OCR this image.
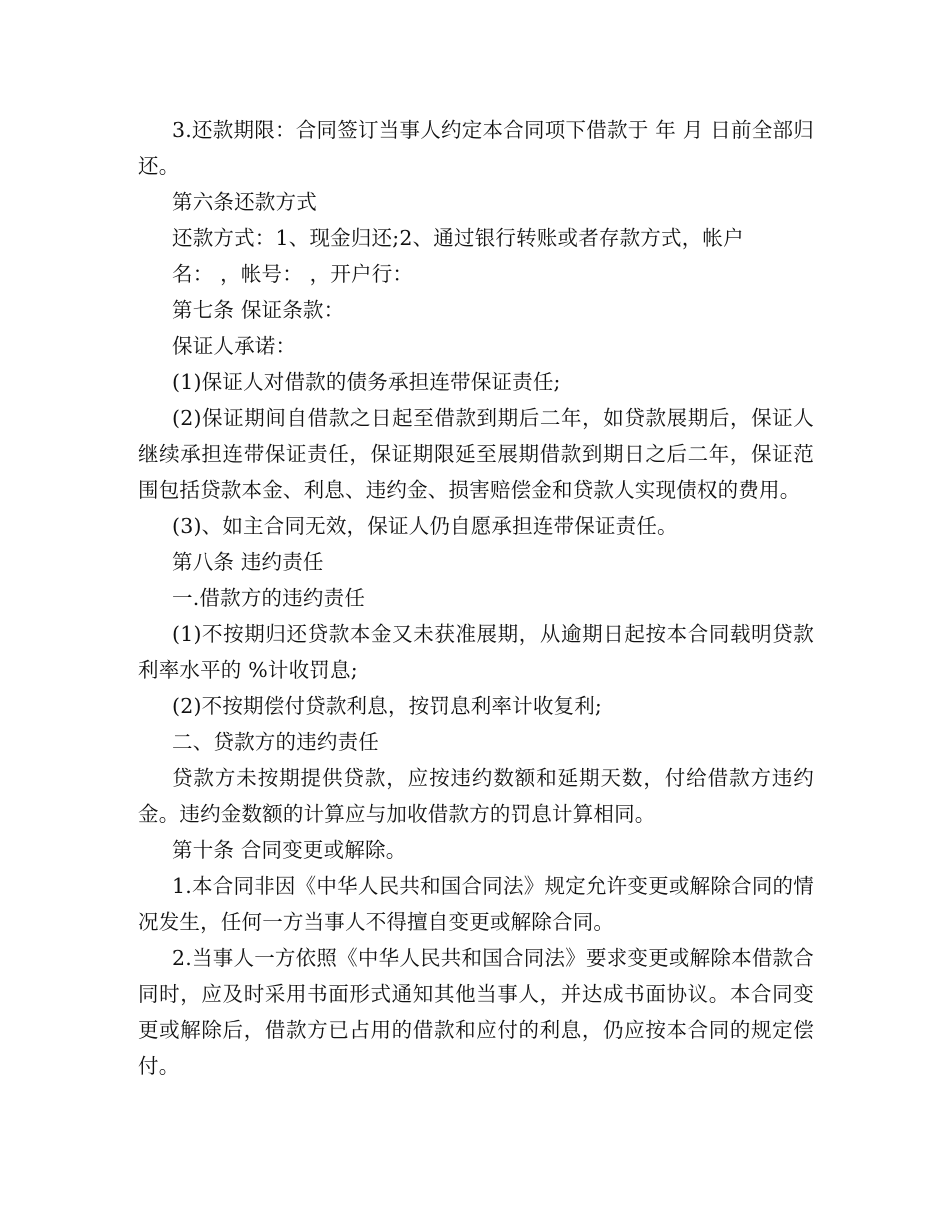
3.还款期限：合同签订当事人约定本合同项下借款于 年 月 日前全部归还。

第六条还款方式

还款方式：1、现金归还;2、通过银行转账或者存款方式，帐户

名： ，帐号： ，开户行：

第七条 保证条款：

保证人承诺：

(1)保证人对借款的债务承担连带保证责任;

(2)保证期间自借款之日起至借款到期后二年，如贷款展期后，保证人继续承担连带保证责任，保证期限延至展期借款到期日之后二年，保证范围包括贷款本金、利息、违约金、损害赔偿金和贷款人实现债权的费用。

(3)、如主合同无效，保证人仍自愿承担连带保证责任。

第八条 违约责任

一.借款方的违约责任

(1)不按期归还贷款本金又未获准展期，从逾期日起按本合同载明贷款利率水平的 %计收罚息;

(2)不按期偿付贷款利息，按罚息利率计收复利;

二、贷款方的违约责任

贷款方未按期提供贷款，应按违约数额和延期天数，付给借款方违约金。违约金数额的计算应与加收借款方的罚息计算相同。

第十条 合同变更或解除。

1.本合同非因《中华人民共和国合同法》规定允许变更或解除合同的情况发生，任何一方当事人不得擅自变更或解除合同。

2.当事人一方依照《中华人民共和国合同法》要求变更或解除本借款合同时，应及时采用书面形式通知其他当事人，并达成书面协议。本合同变更或解除后，借款方已占用的借款和应付的利息，仍应按本合同的规定偿付。
